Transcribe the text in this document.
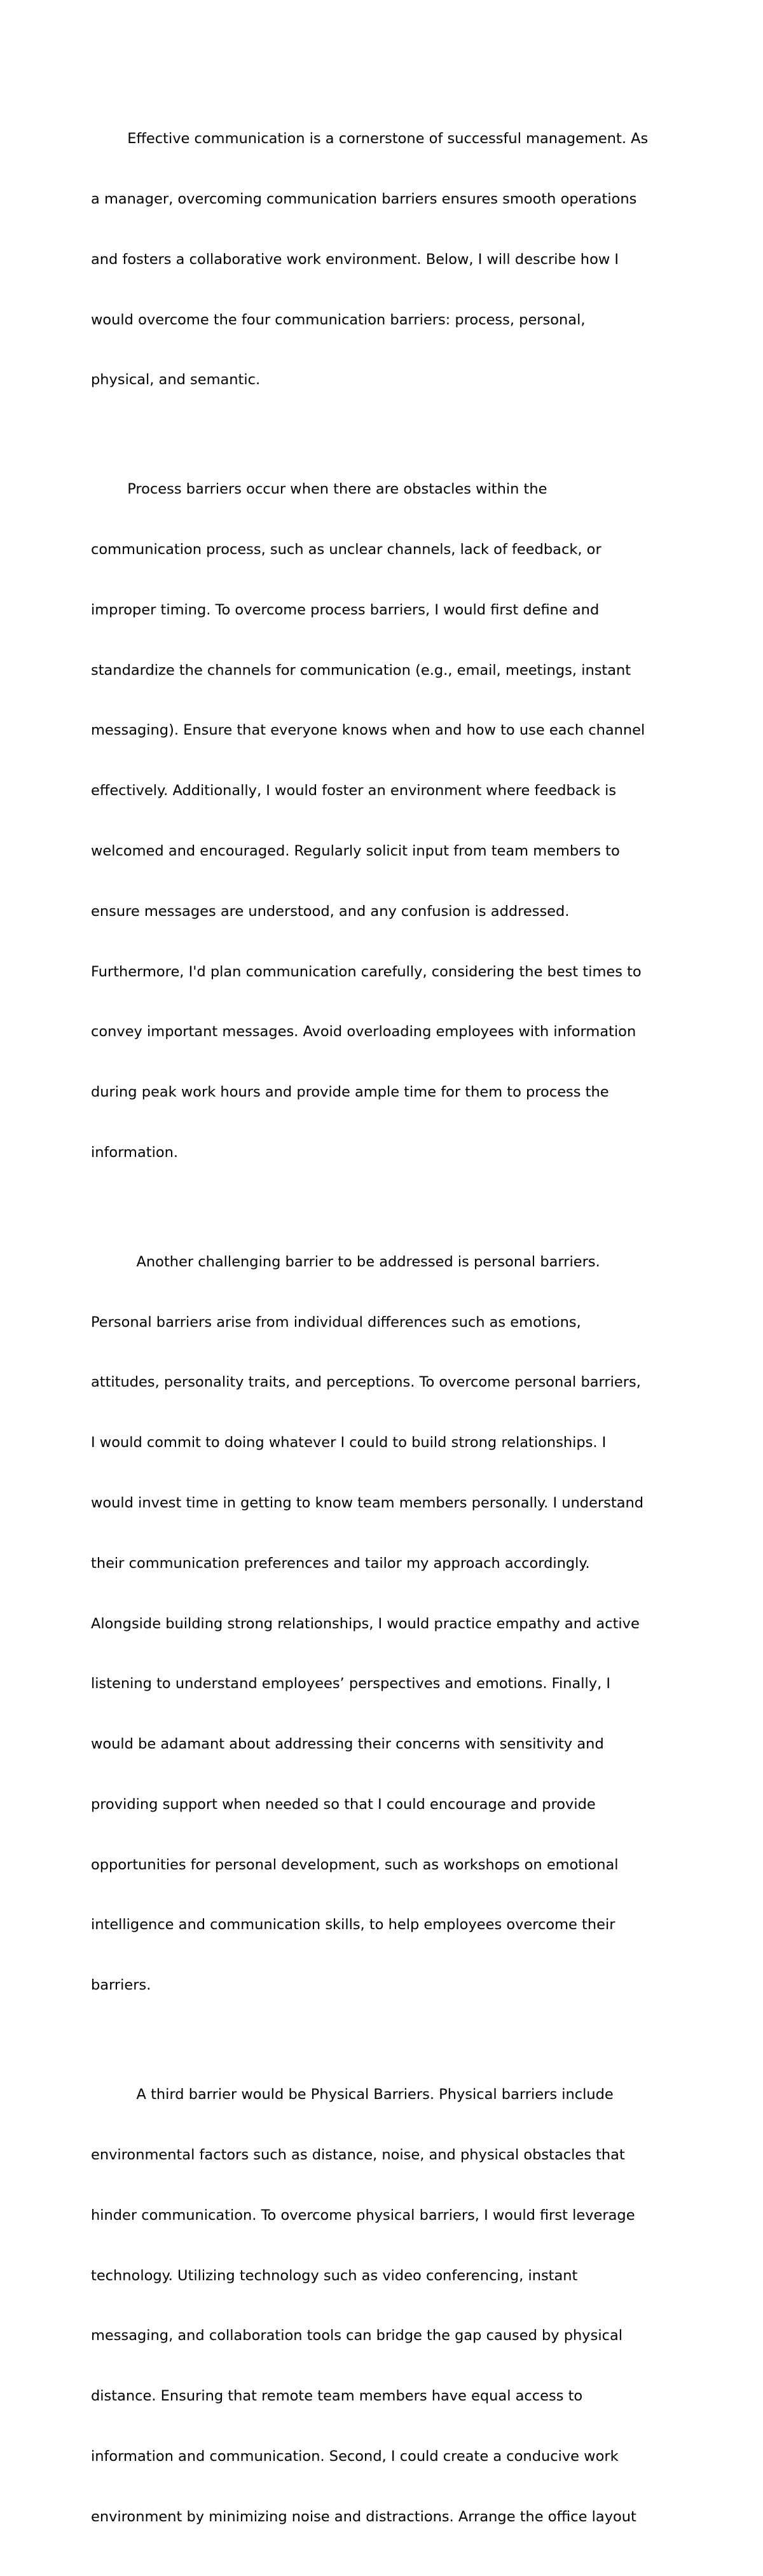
Effective communication is a cornerstone of successful management. As

a manager, overcoming communication barriers ensures smooth operations

and fosters a collaborative work environment. Below, I will describe how I

would overcome the four communication barriers: process, personal,

physical, and semantic.

Process barriers occur when there are obstacles within the

communication process, such as unclear channels, lack of feedback, or

improper timing. To overcome process barriers, I would first define and

standardize the channels for communication (e.g., email, meetings, instant

messaging). Ensure that everyone knows when and how to use each channel

effectively. Additionally, I would foster an environment where feedback is

welcomed and encouraged. Regularly solicit input from team members to

ensure messages are understood, and any confusion is addressed.

Furthermore, I'd plan communication carefully, considering the best times to

convey important messages. Avoid overloading employees with information

during peak work hours and provide ample time for them to process the

information.

Another challenging barrier to be addressed is personal barriers.

Personal barriers arise from individual differences such as emotions,

attitudes, personality traits, and perceptions. To overcome personal barriers,

I would commit to doing whatever I could to build strong relationships. I

would invest time in getting to know team members personally. I understand

their communication preferences and tailor my approach accordingly.

Alongside building strong relationships, I would practice empathy and active

listening to understand employees’ perspectives and emotions. Finally, I

would be adamant about addressing their concerns with sensitivity and

providing support when needed so that I could encourage and provide

opportunities for personal development, such as workshops on emotional

intelligence and communication skills, to help employees overcome their

barriers.

A third barrier would be Physical Barriers. Physical barriers include

environmental factors such as distance, noise, and physical obstacles that

hinder communication. To overcome physical barriers, I would first leverage

technology. Utilizing technology such as video conferencing, instant

messaging, and collaboration tools can bridge the gap caused by physical

distance. Ensuring that remote team members have equal access to

information and communication. Second, I could create a conducive work

environment by minimizing noise and distractions. Arrange the office layout
